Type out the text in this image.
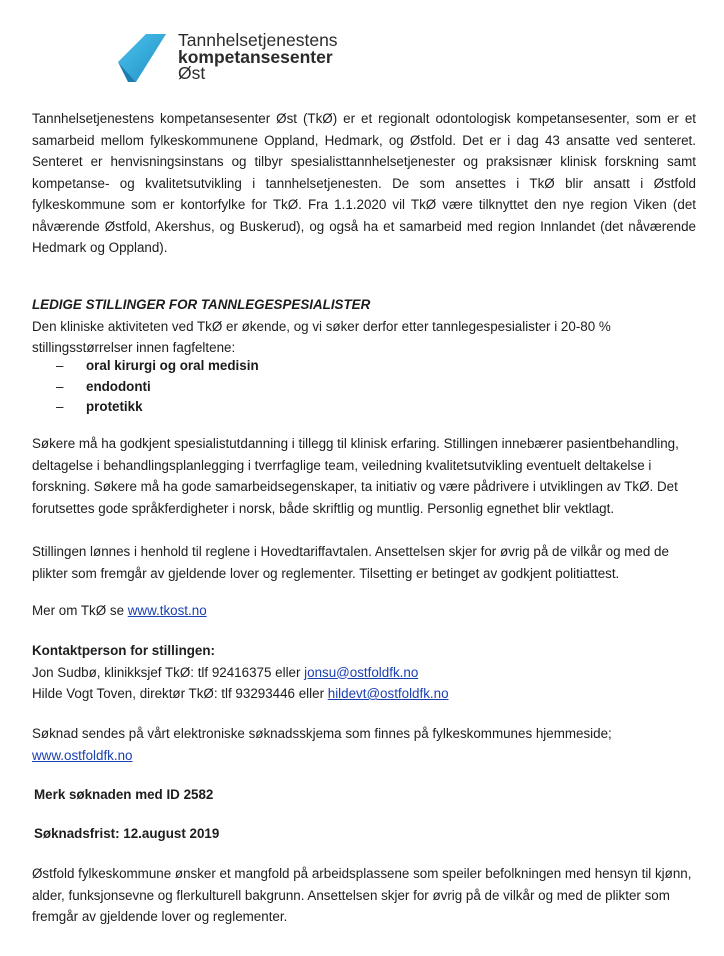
Tannhelsetjenestens
kompetansesenter
Øst
Tannhelsetjenestens kompetansesenter Øst (TkØ) er et regionalt odontologisk kompetansesenter, som er et
samarbeid mellom fylkeskommunene Oppland, Hedmark, og Østfold. Det er i dag 43 ansatte ved senteret.
Senteret er henvisningsinstans og tilbyr spesialisttannhelsetjenester og praksisnær klinisk forskning samt
kompetanse- og kvalitetsutvikling i tannhelsetjenesten. De som ansettes i TkØ blir ansatt i Østfold
fylkeskommune som er kontorfylke for TkØ. Fra 1.1.2020 vil TkØ være tilknyttet den nye region Viken (det
nåværende Østfold, Akershus, og Buskerud), og også ha et samarbeid med region Innlandet (det nåværende
Hedmark og Oppland).
LEDIGE STILLINGER FOR TANNLEGESPESIALISTER
Den kliniske aktiviteten ved TkØ er økende, og vi søker derfor etter tannlegespesialister i 20-80 %
stillingsstørrelser innen fagfeltene:
– oral kirurgi og oral medisin
– endodonti
– protetikk
Søkere må ha godkjent spesialistutdanning i tillegg til klinisk erfaring. Stillingen innebærer pasientbehandling,
deltagelse i behandlingsplanlegging i tverrfaglige team, veiledning kvalitetsutvikling eventuelt deltakelse i
forskning. Søkere må ha gode samarbeidsegenskaper, ta initiativ og være pådrivere i utviklingen av TkØ. Det
forutsettes gode språkferdigheter i norsk, både skriftlig og muntlig. Personlig egnethet blir vektlagt.
Stillingen lønnes i henhold til reglene i Hovedtariffavtalen. Ansettelsen skjer for øvrig på de vilkår og med de
plikter som fremgår av gjeldende lover og reglementer. Tilsetting er betinget av godkjent politiattest.
Mer om TkØ se www.tkost.no
Kontaktperson for stillingen:
Jon Sudbø, klinikksjef TkØ: tlf 92416375 eller jonsu@ostfoldfk.no
Hilde Vogt Toven, direktør TkØ: tlf 93293446 eller hildevt@ostfoldfk.no
Søknad sendes på vårt elektroniske søknadsskjema som finnes på fylkeskommunes hjemmeside;
www.ostfoldfk.no
Merk søknaden med ID 2582
Søknadsfrist: 12.august 2019
Østfold fylkeskommune ønsker et mangfold på arbeidsplassene som speiler befolkningen med hensyn til kjønn,
alder, funksjonsevne og flerkulturell bakgrunn. Ansettelsen skjer for øvrig på de vilkår og med de plikter som
fremgår av gjeldende lover og reglementer.
